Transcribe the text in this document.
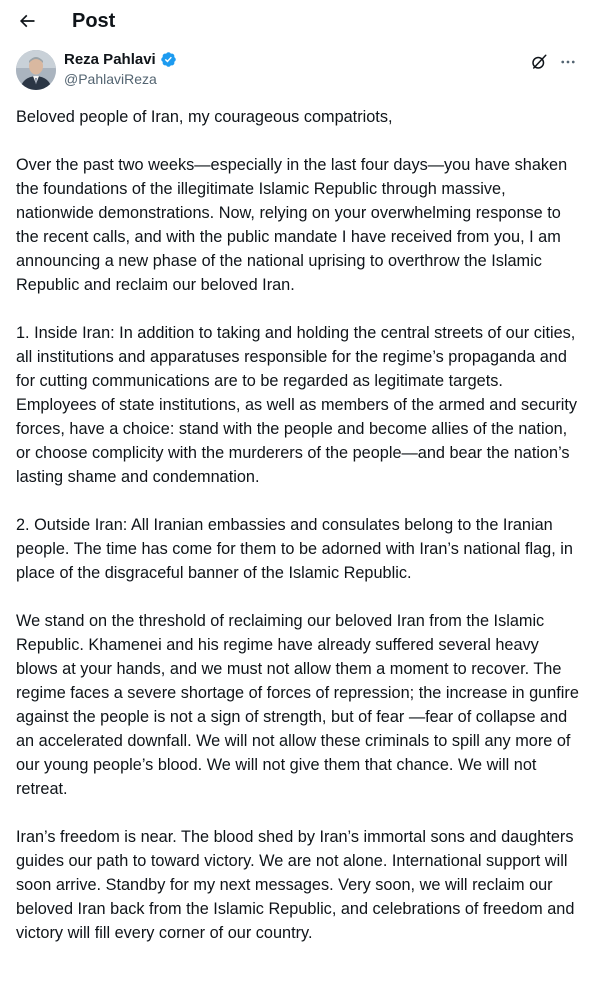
Post
Reza Pahlavi
@PahlaviReza

Beloved people of Iran, my courageous compatriots,

Over the past two weeks—especially in the last four days—you have shaken the foundations of the illegitimate Islamic Republic through massive, nationwide demonstrations. Now, relying on your overwhelming response to the recent calls, and with the public mandate I have received from you, I am announcing a new phase of the national uprising to overthrow the Islamic Republic and reclaim our beloved Iran.

1. Inside Iran: In addition to taking and holding the central streets of our cities, all institutions and apparatuses responsible for the regime’s propaganda and for cutting communications are to be regarded as legitimate targets. Employees of state institutions, as well as members of the armed and security forces, have a choice: stand with the people and become allies of the nation, or choose complicity with the murderers of the people—and bear the nation’s lasting shame and condemnation.

2. Outside Iran: All Iranian embassies and consulates belong to the Iranian people. The time has come for them to be adorned with Iran’s national flag, in place of the disgraceful banner of the Islamic Republic.

We stand on the threshold of reclaiming our beloved Iran from the Islamic Republic. Khamenei and his regime have already suffered several heavy blows at your hands, and we must not allow them a moment to recover. The regime faces a severe shortage of forces of repression; the increase in gunfire against the people is not a sign of strength, but of fear —fear of collapse and an accelerated downfall. We will not allow these criminals to spill any more of our young people’s blood. We will not give them that chance. We will not retreat.

Iran’s freedom is near. The blood shed by Iran’s immortal sons and daughters guides our path to toward victory. We are not alone. International support will soon arrive. Standby for my next messages. Very soon, we will reclaim our beloved Iran back from the Islamic Republic, and celebrations of freedom and victory will fill every corner of our country.
